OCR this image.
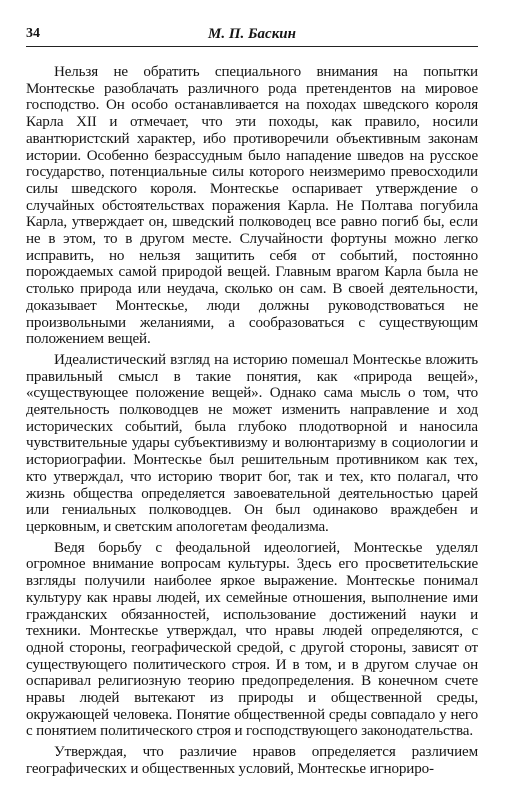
34	М. П. Баскин

Нельзя не обратить специального внимания на попытки Монтескье разоблачать различного рода претендентов на мировое господство. Он особо останавливается на походах шведского короля Карла XII и отмечает, что эти походы, как правило, носили авантюристский характер, ибо противоречили объективным законам истории. Особенно безрассудным было нападение шведов на русское государство, потенциальные силы которого неизмеримо превосходили силы шведского короля. Монтескье оспаривает утверждение о случайных обстоятельствах поражения Карла. Не Полтава погубила Карла, утверждает он, шведский полководец все равно погиб бы, если не в этом, то в другом месте. Случайности фортуны можно легко исправить, но нельзя защитить себя от событий, постоянно порождаемых самой природой вещей. Главным врагом Карла была не столько природа или неудача, сколько он сам. В своей деятельности, доказывает Монтескье, люди должны руководствоваться не произвольными желаниями, а сообразоваться с существующим положением вещей.

Идеалистический взгляд на историю помешал Монтескье вложить правильный смысл в такие понятия, как «природа вещей», «существующее положение вещей». Однако сама мысль о том, что деятельность полководцев не может изменить направление и ход исторических событий, была глубоко плодотворной и наносила чувствительные удары субъективизму и волюнтаризму в социологии и историографии. Монтескье был решительным противником как тех, кто утверждал, что историю творит бог, так и тех, кто полагал, что жизнь общества определяется завоевательной деятельностью царей или гениальных полководцев. Он был одинаково враждебен и церковным, и светским апологетам феодализма.

Ведя борьбу с феодальной идеологией, Монтескье уделял огромное внимание вопросам культуры. Здесь его просветительские взгляды получили наиболее яркое выражение. Монтескье понимал культуру как нравы людей, их семейные отношения, выполнение ими гражданских обязанностей, использование достижений науки и техники. Монтескье утверждал, что нравы людей определяются, с одной стороны, географической средой, с другой стороны, зависят от существующего политического строя. И в том, и в другом случае он оспаривал религиозную теорию предопределения. В конечном счете нравы людей вытекают из природы и общественной среды, окружающей человека. Понятие общественной среды совпадало у него с понятием политического строя и господствующего законодательства.

Утверждая, что различие нравов определяется различием географических и общественных условий, Монтескье игнориро-
